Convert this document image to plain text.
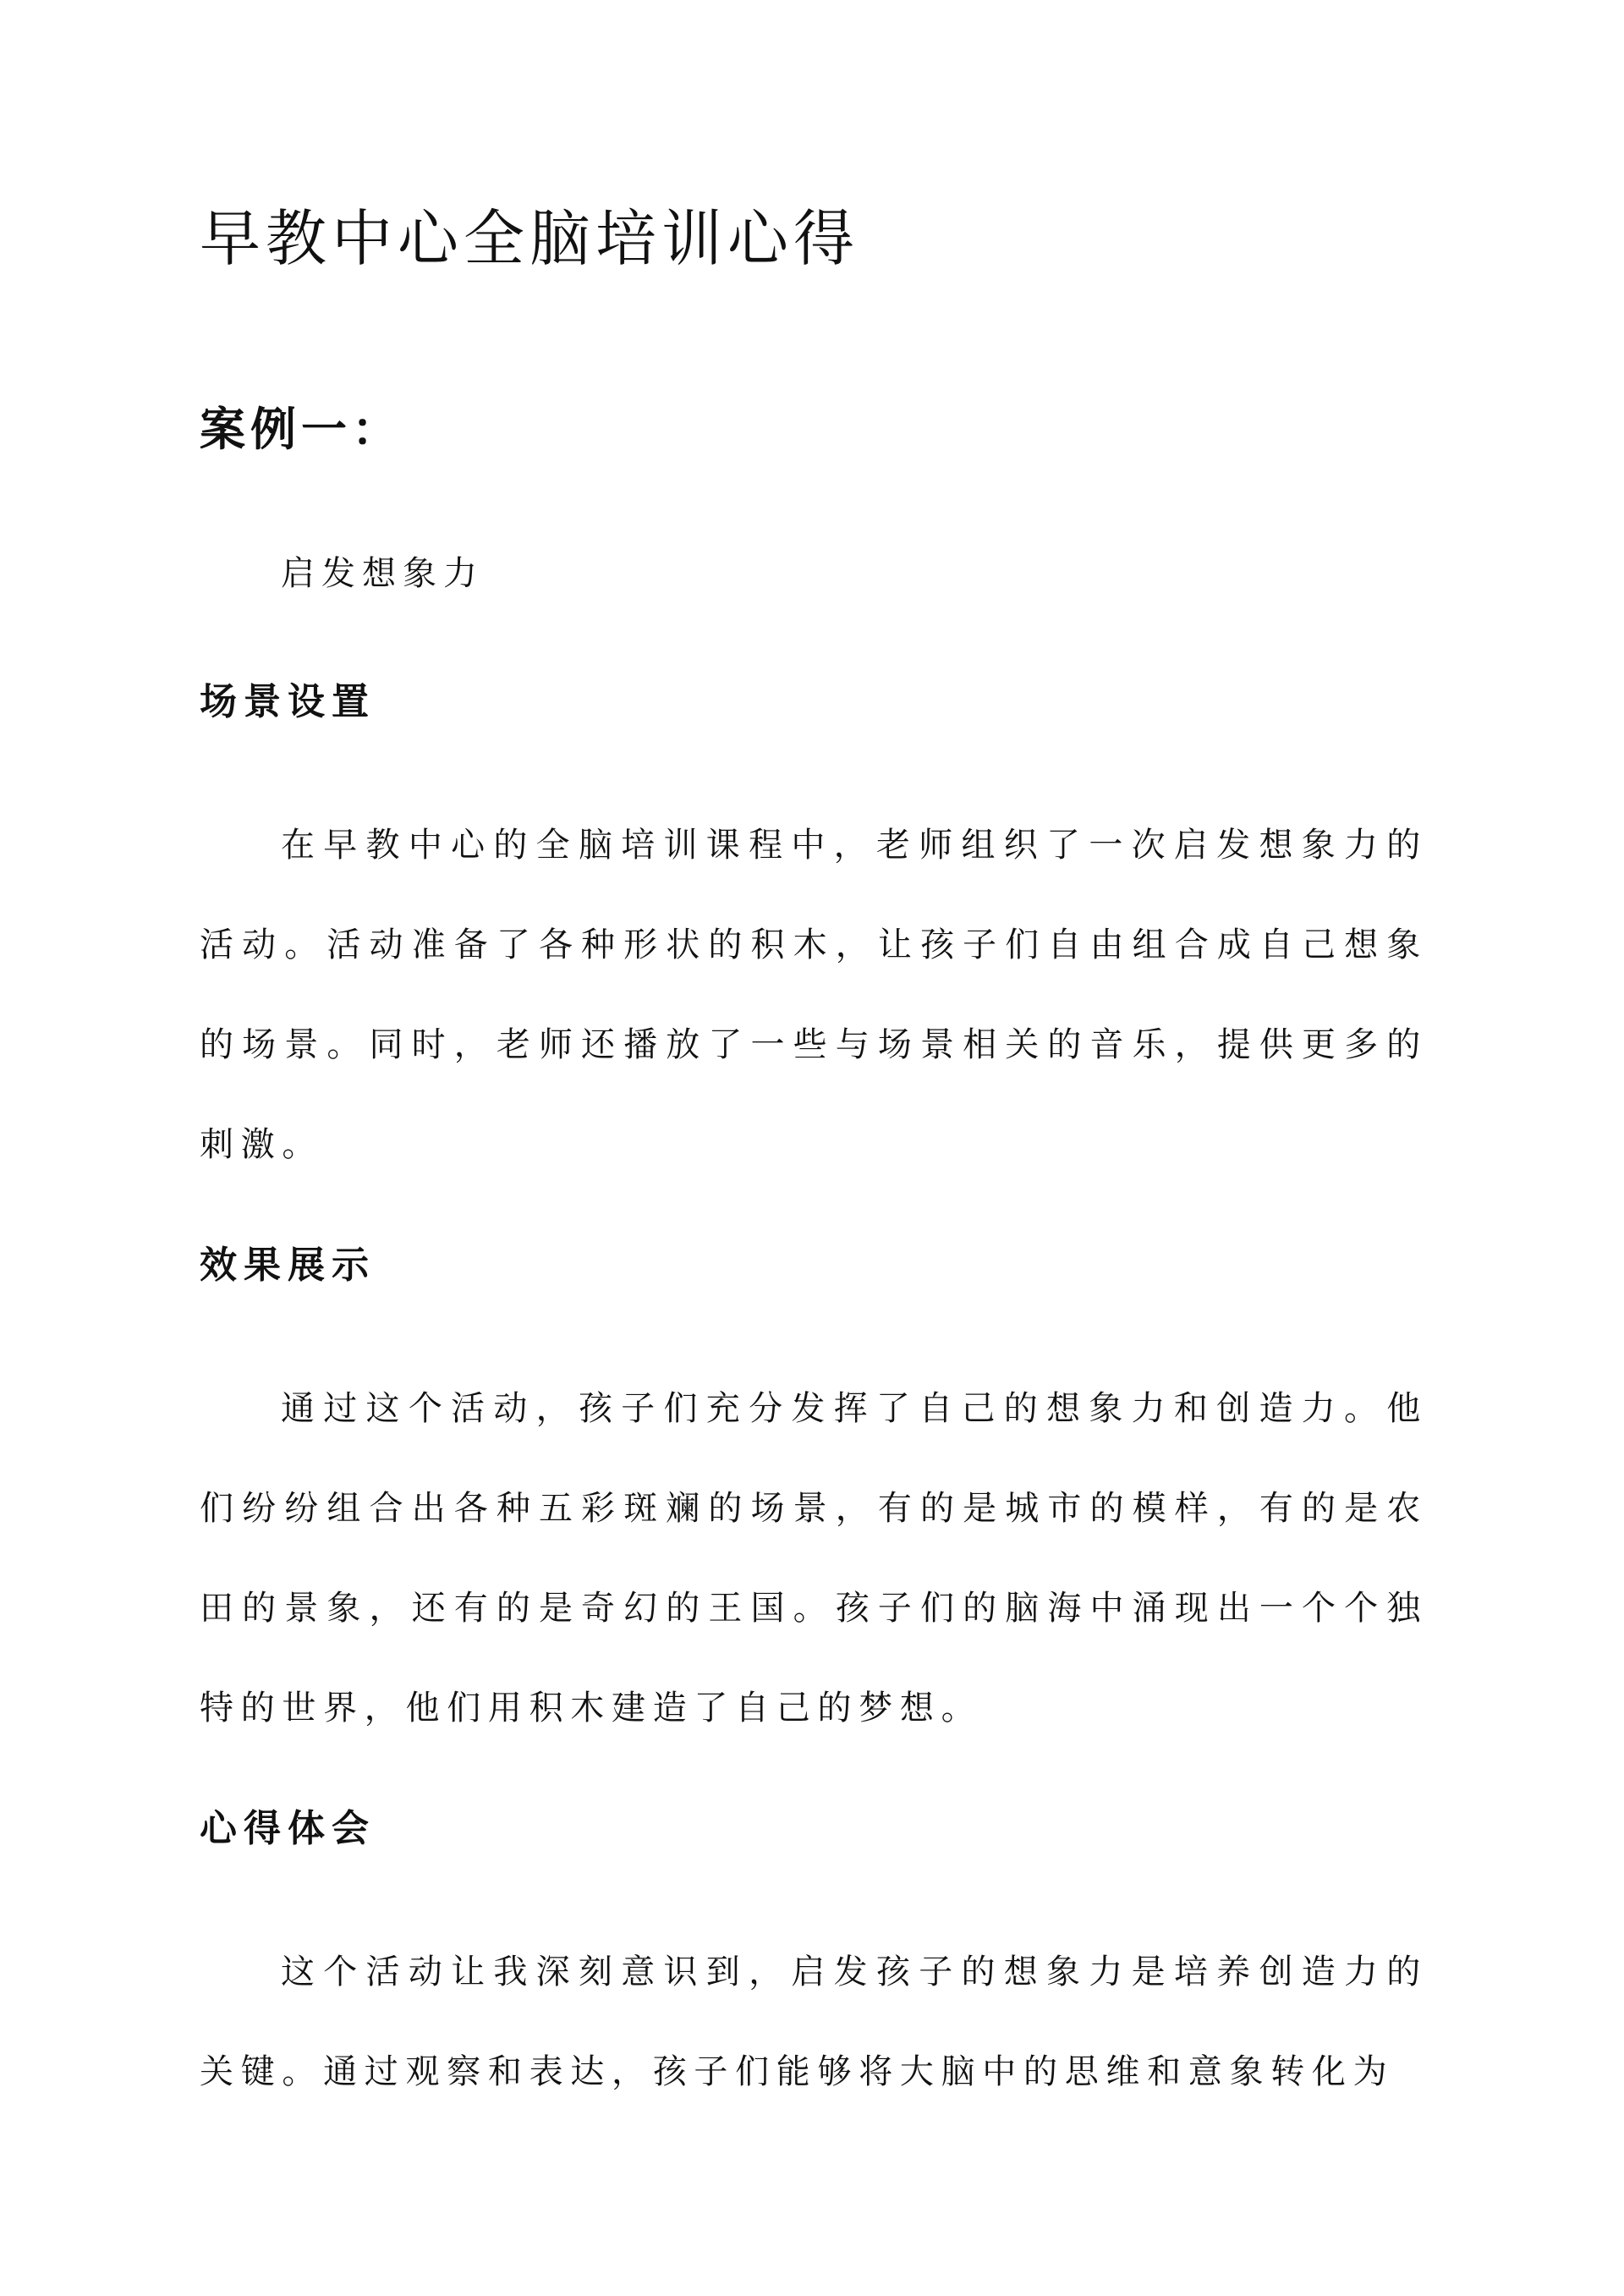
早教中心全脑培训心得
案例一：

启发想象力

场景设置

在早教中心的全脑培训课程中，老师组织了一次启发想象力的活动。活动准备了各种形状的积木，让孩子们自由组合成自己想象的场景。同时，老师还播放了一些与场景相关的音乐，提供更多的刺激。

效果展示

通过这个活动，孩子们充分发挥了自己的想象力和创造力。他们纷纷组合出各种五彩斑斓的场景，有的是城市的模样，有的是农田的景象，还有的是奇幻的王国。孩子们的脑海中涌现出一个个独特的世界，他们用积木建造了自己的梦想。

心得体会

这个活动让我深刻意识到，启发孩子的想象力是培养创造力的关键。通过观察和表达，孩子们能够将大脑中的思维和意象转化为
